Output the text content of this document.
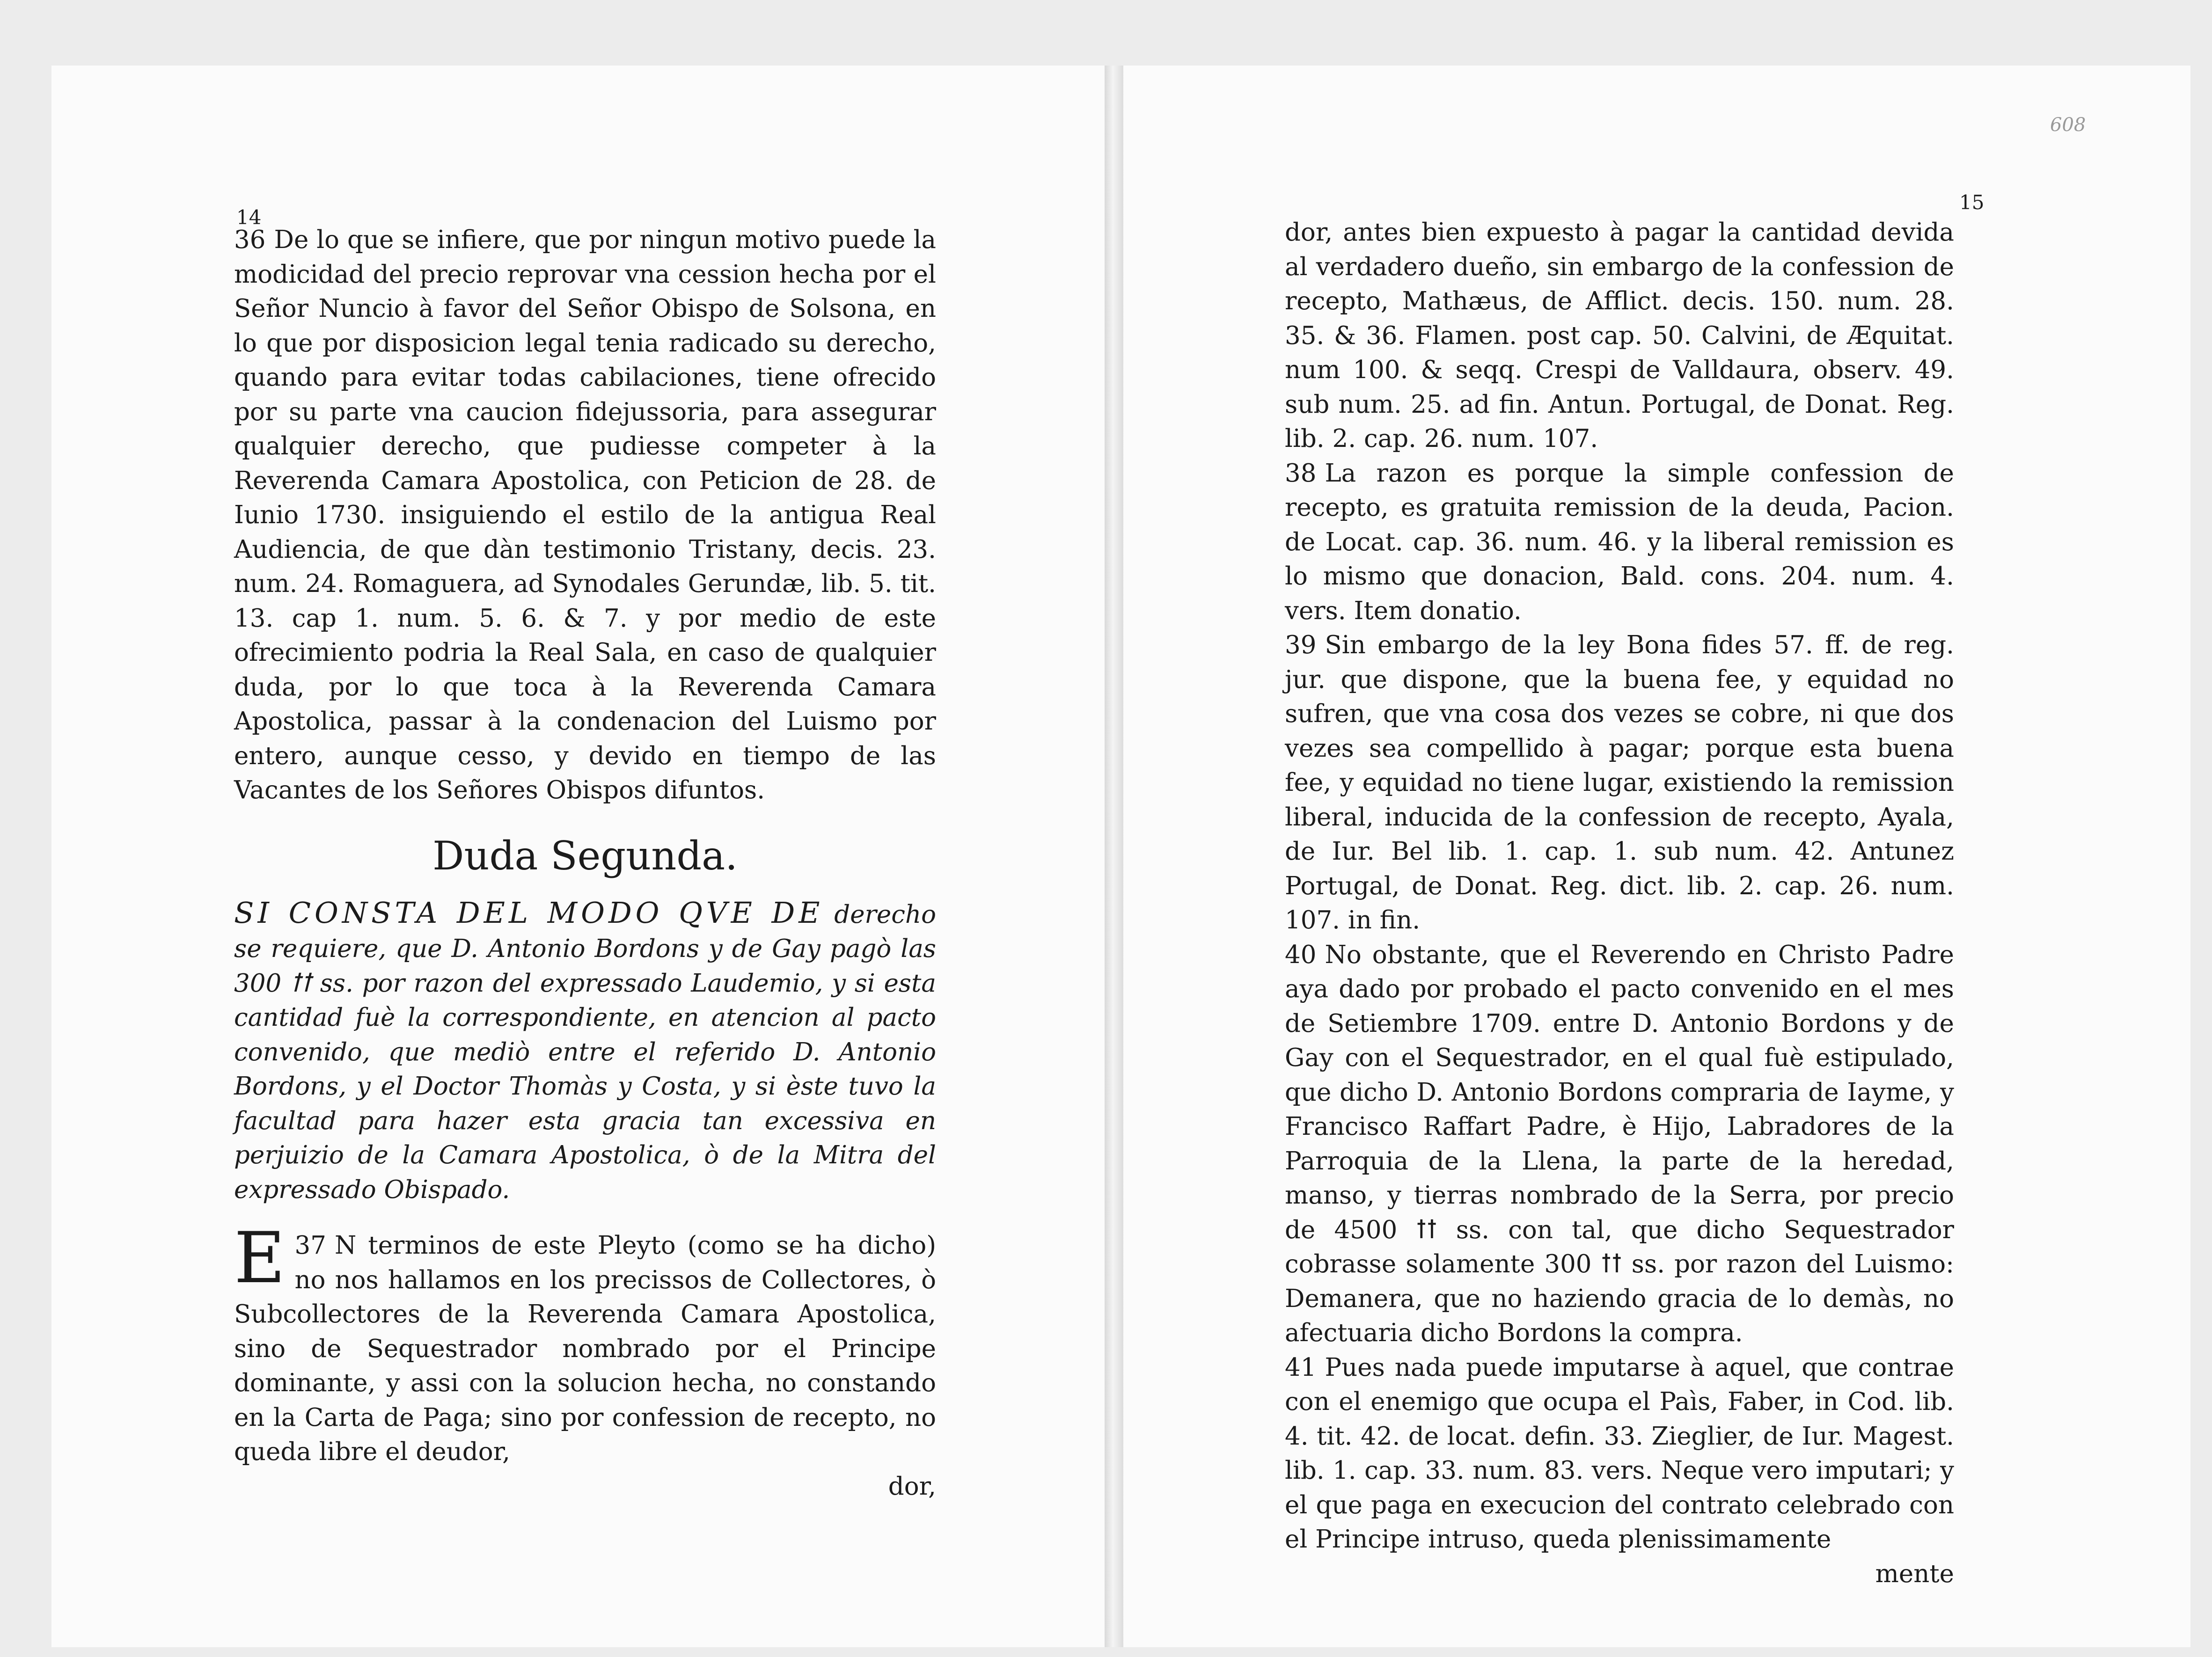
14
15
608

36 De lo que se infiere, que por ningun motivo puede la modicidad del precio reprovar vna cession hecha por el Señor Nuncio à favor del Señor Obispo de Solsona, en lo que por disposicion legal tenia radicado su derecho, quando para evitar todas cabilaciones, tiene ofrecido por su parte vna caucion fidejussoria, para assegurar qualquier derecho, que pudiesse competer à la Reverenda Camara Apostolica, con Peticion de 28. de Iunio 1730. insiguiendo el estilo de la antigua Real Audiencia, de que dàn testimonio Tristany, decis. 23. num. 24. Romaguera, ad Synodales Gerundæ, lib. 5. tit. 13. cap 1. num. 5. 6. & 7. y por medio de este ofrecimiento podria la Real Sala, en caso de qualquier duda, por lo que toca à la Reverenda Camara Apostolica, passar à la condenacion del Luismo por entero, aunque cesso, y devido en tiempo de las Vacantes de los Señores Obispos difuntos.

Duda Segunda.

SI CONSTA DEL MODO QVE DE derecho se requiere, que D. Antonio Bordons y de Gay pagò las 300 ꝉꝉ ss. por razon del expressado Laudemio, y si esta cantidad fuè la correspondiente, en atencion al pacto convenido, que mediò entre el referido D. Antonio Bordons, y el Doctor Thomàs y Costa, y si èste tuvo la facultad para hazer esta gracia tan excessiva en perjuizio de la Camara Apostolica, ò de la Mitra del expressado Obispado.

37
E N terminos de este Pleyto (como se ha dicho) no nos hallamos en los precissos de Collectores, ò Subcollectores de la Reverenda Camara Apostolica, sino de Sequestrador nombrado por el Principe dominante, y assi con la solucion hecha, no constando en la Carta de Paga; sino por confession de recepto, no queda libre el deudor,

dor,

dor, antes bien expuesto à pagar la cantidad devida al verdadero dueño, sin embargo de la confession de recepto, Mathæus, de Afflict. decis. 150. num. 28. 35. & 36. Flamen. post cap. 50. Calvini, de Æquitat. num 100. & seqq. Crespi de Valldaura, observ. 49. sub num. 25. ad fin. Antun. Portugal, de Donat. Reg. lib. 2. cap. 26. num. 107.

38 La razon es porque la simple confession de recepto, es gratuita remission de la deuda, Pacion. de Locat. cap. 36. num. 46. y la liberal remission es lo mismo que donacion, Bald. cons. 204. num. 4. vers. Item donatio.

39 Sin embargo de la ley Bona fides 57. ff. de reg. jur. que dispone, que la buena fee, y equidad no sufren, que vna cosa dos vezes se cobre, ni que dos vezes sea compellido à pagar; porque esta buena fee, y equidad no tiene lugar, existiendo la remission liberal, inducida de la confession de recepto, Ayala, de Iur. Bel lib. 1. cap. 1. sub num. 42. Antunez Portugal, de Donat. Reg. dict. lib. 2. cap. 26. num. 107. in fin.

40 No obstante, que el Reverendo en Christo Padre aya dado por probado el pacto convenido en el mes de Setiembre 1709. entre D. Antonio Bordons y de Gay con el Sequestrador, en el qual fuè estipulado, que dicho D. Antonio Bordons compraria de Iayme, y Francisco Raffart Padre, è Hijo, Labradores de la Parroquia de la Llena, la parte de la heredad, manso, y tierras nombrado de la Serra, por precio de 4500 ꝉꝉ ss. con tal, que dicho Sequestrador cobrasse solamente 300 ꝉꝉ ss. por razon del Luismo: Demanera, que no haziendo gracia de lo demàs, no afectuaria dicho Bordons la compra.

41 Pues nada puede imputarse à aquel, que contrae con el enemigo que ocupa el Paìs, Faber, in Cod. lib. 4. tit. 42. de locat. defin. 33. Zieglier, de Iur. Magest. lib. 1. cap. 33. num. 83. vers. Neque vero imputari; y el que paga en execucion del contrato celebrado con el Principe intruso, queda plenissimamente

mente
